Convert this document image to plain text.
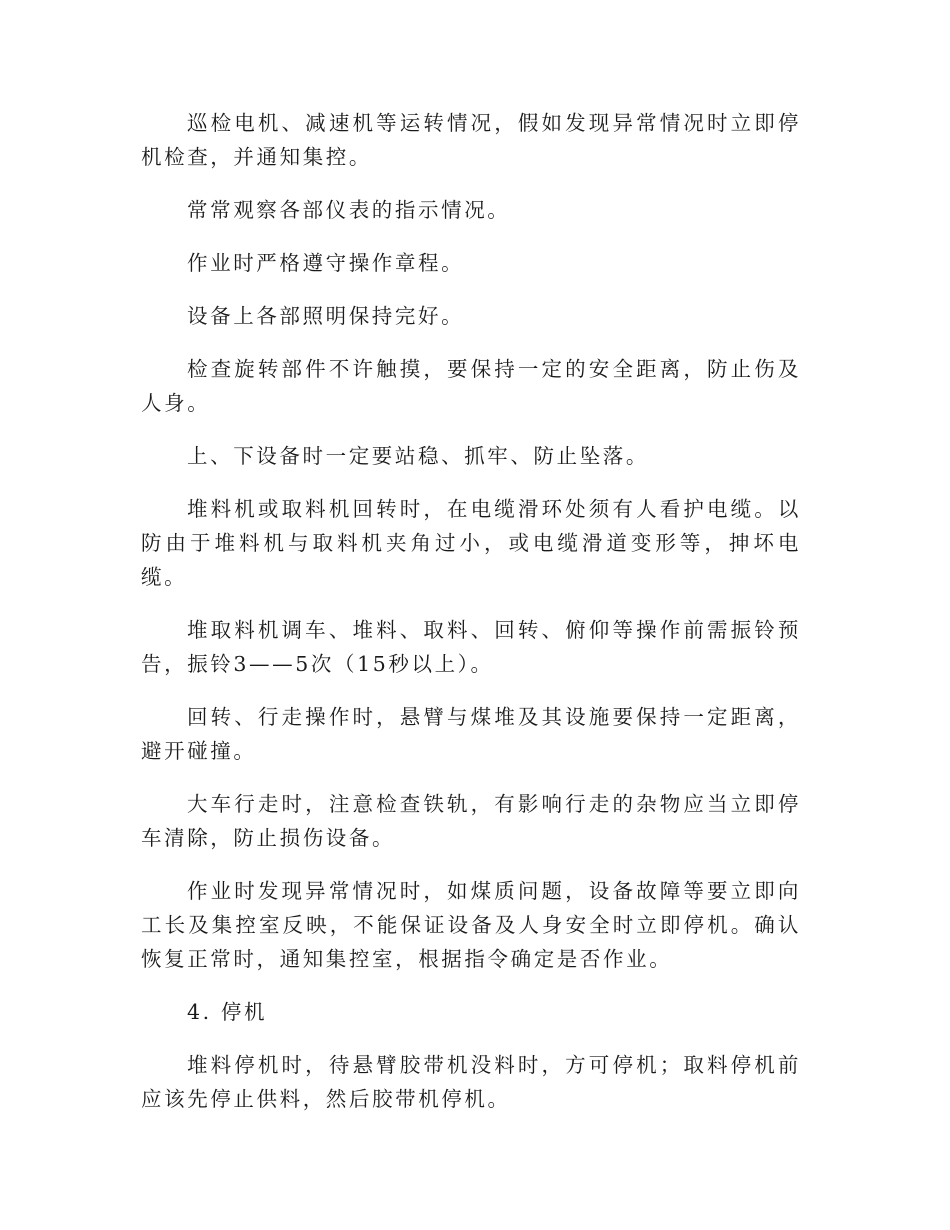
巡检电机、减速机等运转情况，假如发现异常情况时立即停机检查，并通知集控。

常常观察各部仪表的指示情况。

作业时严格遵守操作章程。

设备上各部照明保持完好。

检查旋转部件不许触摸，要保持一定的安全距离，防止伤及人身。

上、下设备时一定要站稳、抓牢、防止坠落。

堆料机或取料机回转时，在电缆滑环处须有人看护电缆。以防由于堆料机与取料机夹角过小，或电缆滑道变形等，抻坏电缆。

堆取料机调车、堆料、取料、回转、俯仰等操作前需振铃预告，振铃3——5次（15秒以上）。

回转、行走操作时，悬臂与煤堆及其设施要保持一定距离，避开碰撞。

大车行走时，注意检查铁轨，有影响行走的杂物应当立即停车清除，防止损伤设备。

作业时发现异常情况时，如煤质问题，设备故障等要立即向工长及集控室反映，不能保证设备及人身安全时立即停机。确认恢复正常时，通知集控室，根据指令确定是否作业。

4. 停机

堆料停机时，待悬臂胶带机没料时，方可停机；取料停机前应该先停止供料，然后胶带机停机。
